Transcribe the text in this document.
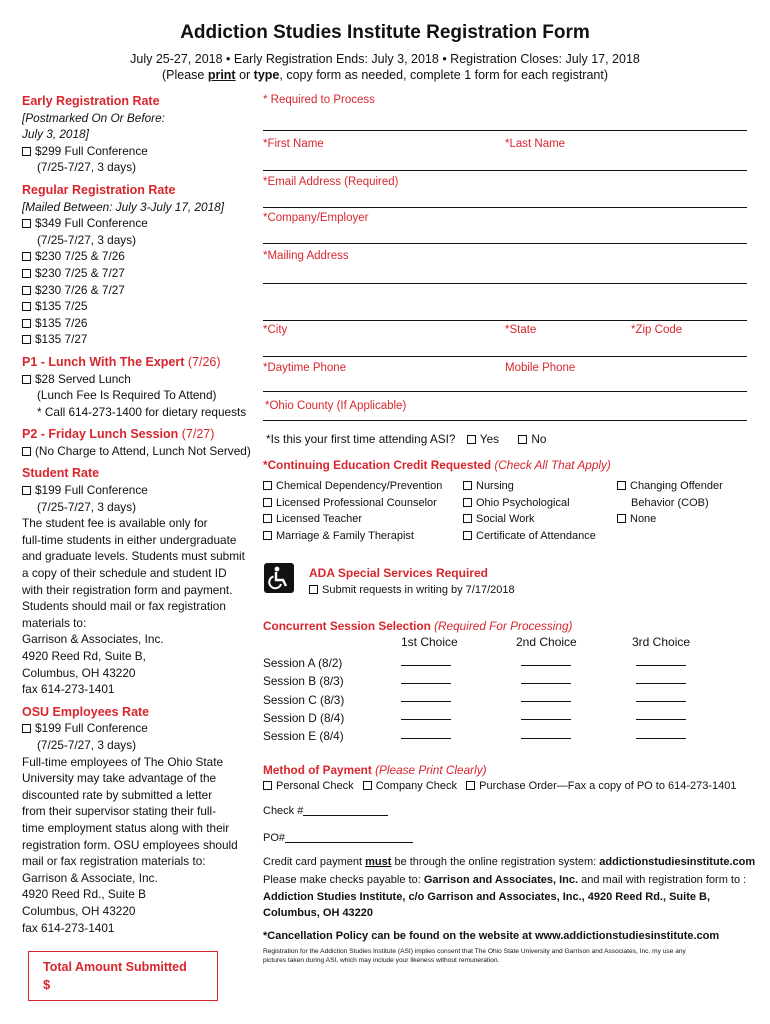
Addiction Studies Institute Registration Form
July 25-27, 2018 • Early Registration Ends: July 3, 2018 • Registration Closes: July 17, 2018
(Please print or type, copy form as needed, complete 1 form for each registrant)
Early Registration Rate
[Postmarked On Or Before:
July 3, 2018]
$299 Full Conference
(7/25-7/27, 3 days)
Regular Registration Rate
[Mailed Between: July 3-July 17, 2018]
$349 Full Conference
(7/25-7/27, 3 days)
$230 7/25 & 7/26
$230 7/25 & 7/27
$230 7/26 & 7/27
$135 7/25
$135 7/26
$135 7/27
P1 - Lunch With The Expert (7/26)
$28 Served Lunch
(Lunch Fee Is Required To Attend)
* Call 614-273-1400 for dietary requests
P2 - Friday Lunch Session (7/27)
(No Charge to Attend, Lunch Not Served)
Student Rate
$199 Full Conference
(7/25-7/27, 3 days)
The student fee is available only for
full-time students in either undergraduate
and graduate levels. Students must submit
a copy of their schedule and student ID
with their registration form and payment.
Students should mail or fax registration
materials to:
Garrison & Associates, Inc.
4920 Reed Rd, Suite B,
Columbus, OH 43220
fax 614-273-1401
OSU Employees Rate
$199 Full Conference
(7/25-7/27, 3 days)
Full-time employees of The Ohio State
University may take advantage of the
discounted rate by submitted a letter
from their supervisor stating their full-
time employment status along with their
registration form. OSU employees should
mail or fax registration materials to:
Garrison & Associate, Inc.
4920 Reed Rd., Suite B
Columbus, OH 43220
fax 614-273-1401
Total Amount Submitted
$
* Required to Process
*First Name	*Last Name
*Email Address (Required)
*Company/Employer
*Mailing Address
*City	*State	*Zip Code
*Daytime Phone	Mobile Phone
*Ohio County (If Applicable)
*Is this your first time attending ASI? Yes	No
*Continuing Education Credit Requested (Check All That Apply)
Chemical Dependency/Prevention
Licensed Professional Counselor
Licensed Teacher
Marriage & Family Therapist
Nursing
Ohio Psychological
Social Work
Certificate of Attendance
Changing Offender
Behavior (COB)
None
ADA Special Services Required
Submit requests in writing by 7/17/2018
Concurrent Session Selection (Required For Processing)
1st Choice	2nd Choice	3rd Choice
Session A (8/2)
Session B (8/3)
Session C (8/3)
Session D (8/4)
Session E (8/4)
Method of Payment (Please Print Clearly)
Personal Check Company Check Purchase Order—Fax a copy of PO to 614-273-1401
Check #
PO#
Credit card payment must be through the online registration system: addictionstudiesinstitute.com
Please make checks payable to: Garrison and Associates, Inc. and mail with registration form to :
Addiction Studies Institute, c/o Garrison and Associates, Inc., 4920 Reed Rd., Suite B,
Columbus, OH 43220
*Cancellation Policy can be found on the website at www.addictionstudiesinstitute.com
Registration for the Addiction Studies Institute (ASI) implies consent that The Ohio State University and Garrison and Associates, Inc. my use any
pictures taken during ASI, which may include your likeness without remuneration.
